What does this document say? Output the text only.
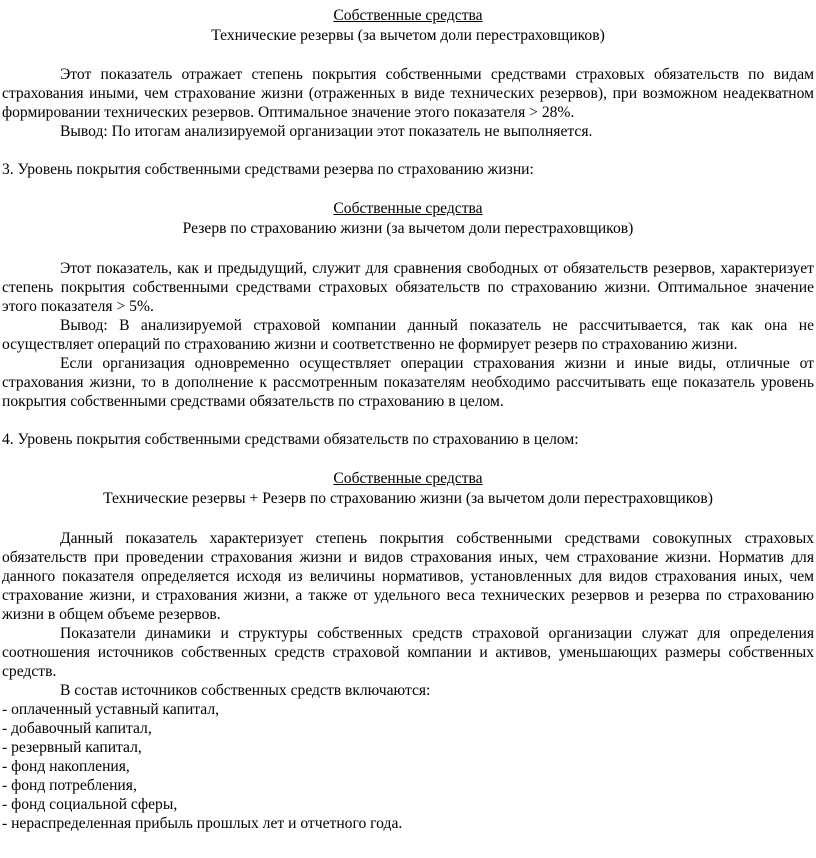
Собственные средства
Технические резервы (за вычетом доли перестраховщиков)

Этот показатель отражает степень покрытия собственными средствами страховых обязательств по видам страхования иными, чем страхование жизни (отраженных в виде технических резервов), при возможном неадекватном формировании технических резервов. Оптимальное значение этого показателя > 28%.

Вывод: По итогам анализируемой организации этот показатель не выполняется.

3. Уровень покрытия собственными средствами резерва по страхованию жизни:

Собственные средства
Резерв по страхованию жизни (за вычетом доли перестраховщиков)

Этот показатель, как и предыдущий, служит для сравнения свободных от обязательств резервов, характеризует степень покрытия собственными средствами страховых обязательств по страхованию жизни. Оптимальное значение этого показателя > 5%.

Вывод: В анализируемой страховой компании данный показатель не рассчитывается, так как она не осуществляет операций по страхованию жизни и соответственно не формирует резерв по страхованию жизни.

Если организация одновременно осуществляет операции страхования жизни и иные виды, отличные от страхования жизни, то в дополнение к рассмотренным показателям необходимо рассчитывать еще показатель уровень покрытия собственными средствами обязательств по страхованию в целом.

4. Уровень покрытия собственными средствами обязательств по страхованию в целом:

Собственные средства
Технические резервы + Резерв по страхованию жизни (за вычетом доли перестраховщиков)

Данный показатель характеризует степень покрытия собственными средствами совокупных страховых обязательств при проведении страхования жизни и видов страхования иных, чем страхование жизни. Норматив для данного показателя определяется исходя из величины нормативов, установленных для видов страхования иных, чем страхование жизни, и страхования жизни, а также от удельного веса технических резервов и резерва по страхованию жизни в общем объеме резервов.

Показатели динамики и структуры собственных средств страховой организации служат для определения соотношения источников собственных средств страховой компании и активов, уменьшающих размеры собственных средств.

В состав источников собственных средств включаются:

- оплаченный уставный капитал,

- добавочный капитал,

- резервный капитал,

- фонд накопления,

- фонд потребления,

- фонд социальной сферы,

- нераспределенная прибыль прошлых лет и отчетного года.
